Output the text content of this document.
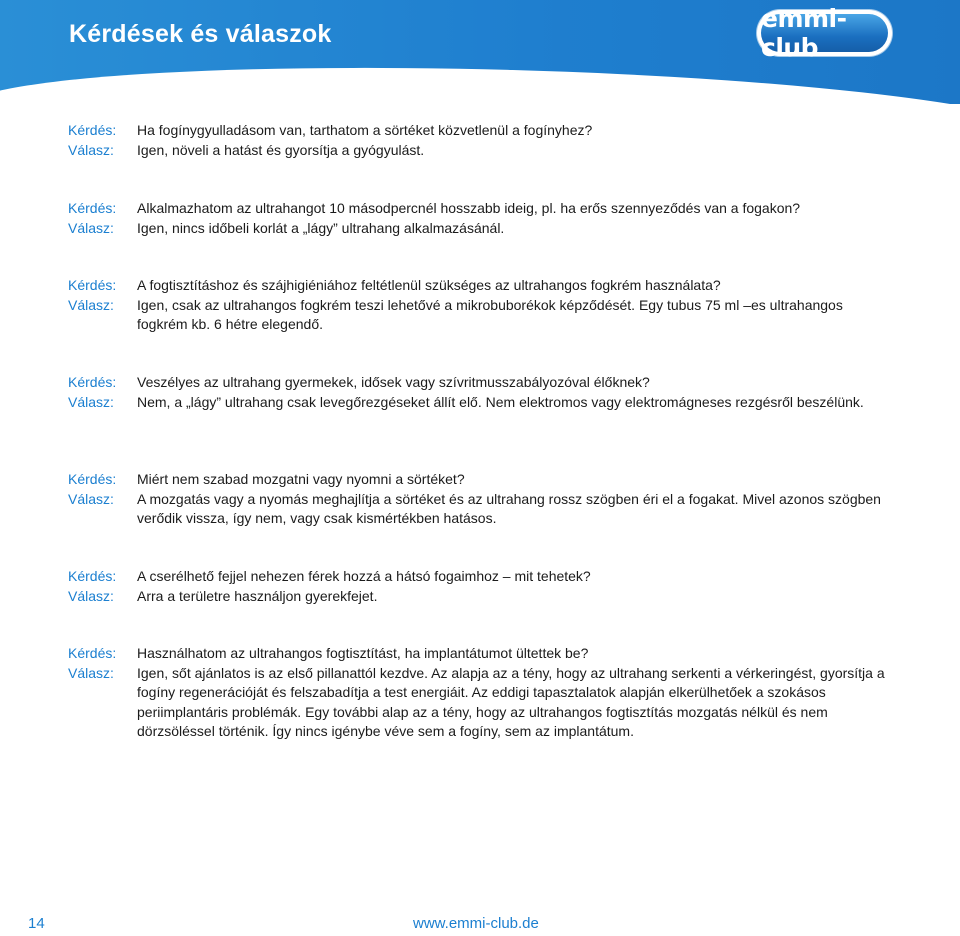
Kérdések és válaszok
emmi-club
Kérdés:	Ha fogínygyulladásom van, tarthatom a sörtéket közvetlenül a fogínyhez?
Válasz:	Igen, növeli a hatást és gyorsítja a gyógyulást.
Kérdés:	Alkalmazhatom az ultrahangot 10 másodpercnél hosszabb ideig, pl. ha erős szennyeződés van a fogakon?
Válasz:	Igen, nincs időbeli korlát a „lágy” ultrahang alkalmazásánál.
Kérdés:	A fogtisztításhoz és szájhigiéniához feltétlenül szükséges az ultrahangos fogkrém használata?
Válasz:	Igen, csak az ultrahangos fogkrém teszi lehetővé a mikrobuborékok képződését. Egy tubus 75 ml –es ultrahangos fogkrém kb. 6 hétre elegendő.
Kérdés:	Veszélyes az ultrahang gyermekek, idősek vagy szívritmusszabályozóval élőknek?
Válasz:	Nem, a „lágy” ultrahang csak levegőrezgéseket állít elő. Nem elektromos vagy elektromágneses rezgésről beszélünk.
Kérdés:	Miért nem szabad mozgatni vagy nyomni a sörtéket?
Válasz:	A mozgatás vagy a nyomás meghajlítja a sörtéket és az ultrahang rossz szögben éri el a fogakat. Mivel azonos szögben verődik vissza, így nem, vagy csak kismértékben hatásos.
Kérdés:	A cserélhető fejjel nehezen férek hozzá a hátsó fogaimhoz – mit tehetek?
Válasz:	Arra a területre használjon gyerekfejet.
Kérdés:	Használhatom az ultrahangos fogtisztítást, ha implantátumot ültettek be?
Válasz:	Igen, sőt ajánlatos is az első pillanattól kezdve. Az alapja az a tény, hogy az ultrahang serkenti a vérkeringést, gyorsítja a fogíny regenerációját és felszabadítja a test energiáit. Az eddigi tapasztalatok alapján elkerülhetőek a szokásos periimplantáris problémák. Egy további alap az a tény, hogy az ultrahangos fogtisztítás mozgatás nélkül és nem dörzsöléssel történik. Így nincs igénybe véve sem a fogíny, sem az implantátum.
14	www.emmi-club.de
